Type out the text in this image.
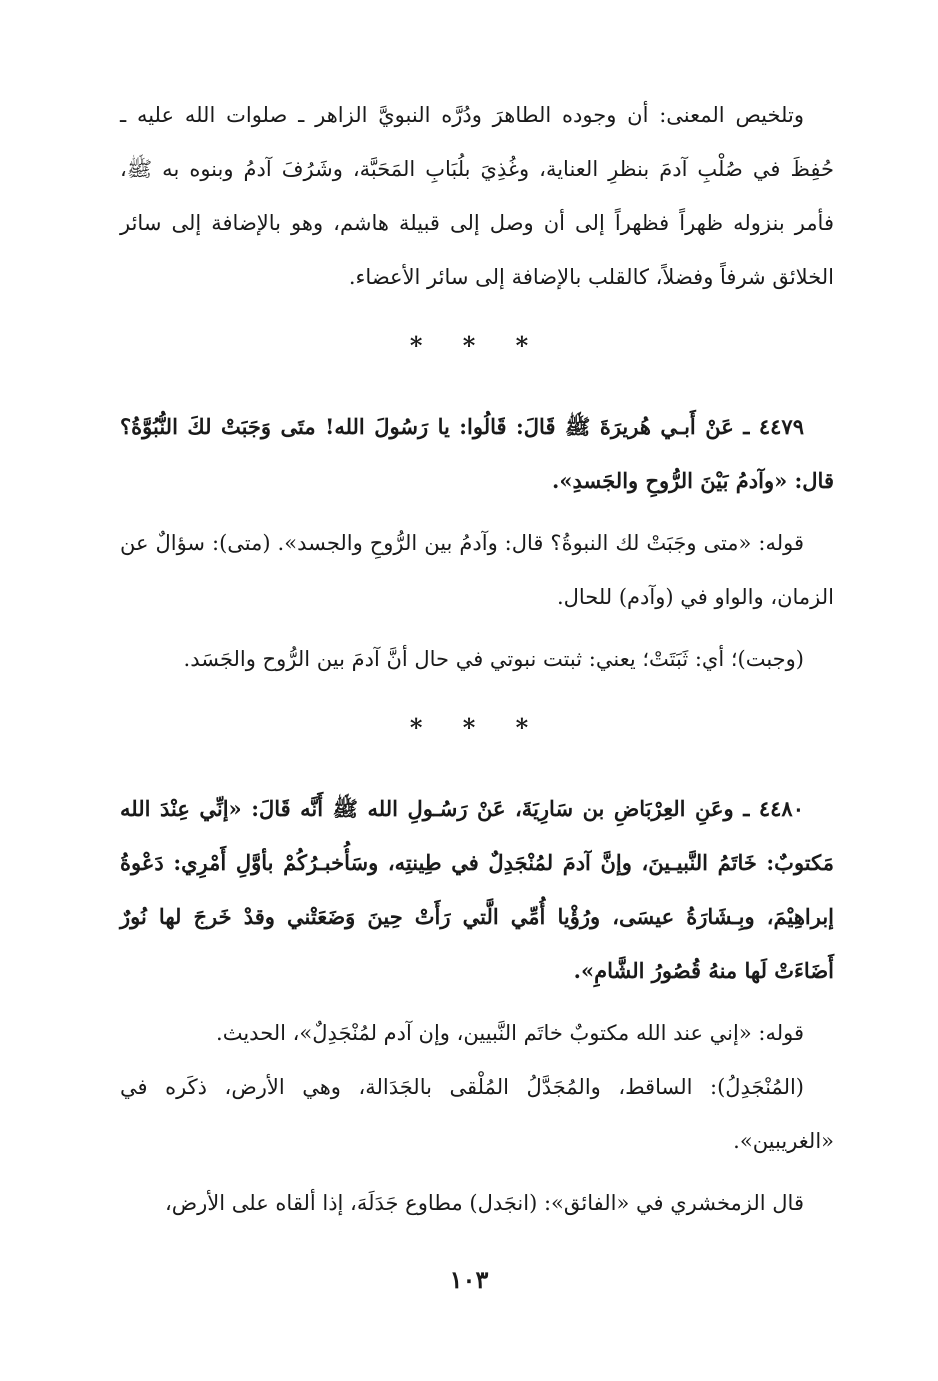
وتلخيص المعنى: أن وجوده الطاهرَ ودُرَّه النبويَّ الزاهر ـ صلوات الله عليه ـ حُفِظَ في صُلْبِ آدمَ بنظرِ العناية، وغُذِيَ بلُبَابِ المَحَبَّة، وشَرُفَ آدمُ وبنوه به ﷺ، فأمر بنزوله ظهراً فظهراً إلى أن وصل إلى قبيلة هاشم، وهو بالإضافة إلى سائر الخلائق شرفاً وفضلاً، كالقلب بالإضافة إلى سائر الأعضاء.

* * *

٤٤٧٩ ـ عَنْ أَبـي هُريرَةَ ﷺ قَالَ: قَالُوا: يا رَسُولَ الله! متَى وَجَبَتْ لكَ النُّبُوَّةُ؟ قال: «وآدمُ بَيْنَ الرُّوحِ والجَسدِ».

قوله: «متى وجَبَتْ لك النبوةُ؟ قال: وآدمُ بين الرُّوحِ والجسد». (متى): سؤالٌ عن الزمان، والواو في (وآدم) للحال.

(وجبت)؛ أي: ثَبَتَتْ؛ يعني: ثبتت نبوتي في حال أنَّ آدمَ بين الرُّوح والجَسَد.

* * *

٤٤٨٠ ـ وعَنِ العِرْبَاضِ بن سَارِيَةَ، عَنْ رَسُـولِ الله ﷺ أَنَّه قَالَ: «إنِّي عِنْدَ الله مَكتوبٌ: خَاتَمُ النَّبيـينَ، وإنَّ آدمَ لمُنْجَدِلٌ في طِينتِه، وسَأُخبـرُكُمْ بأوَّلِ أَمْرِي: دَعْوةُ إبراهِيْمَ، وبِـشَارَةُ عيسَى، ورُؤْيا أُمِّي الَّتي رَأَتْ حِينَ وَضَعَتْني وقدْ خَرجَ لها نُورٌ أَضَاءَتْ لَها منهُ قُصُورُ الشَّامِ».

قوله: «إني عند الله مكتوبٌ خاتَم النَّبيين، وإن آدم لمُنْجَدِلٌ»، الحديث.

(المُنْجَدِلُ): الساقط، والمُجَدَّلُ المُلْقى بالجَدَالة، وهي الأرض، ذكَره في «الغريبين».

قال الزمخشري في «الفائق»: (انجَدل) مطاوع جَدَلَهَ، إذا ألقاه على الأرض،

١٠٣
